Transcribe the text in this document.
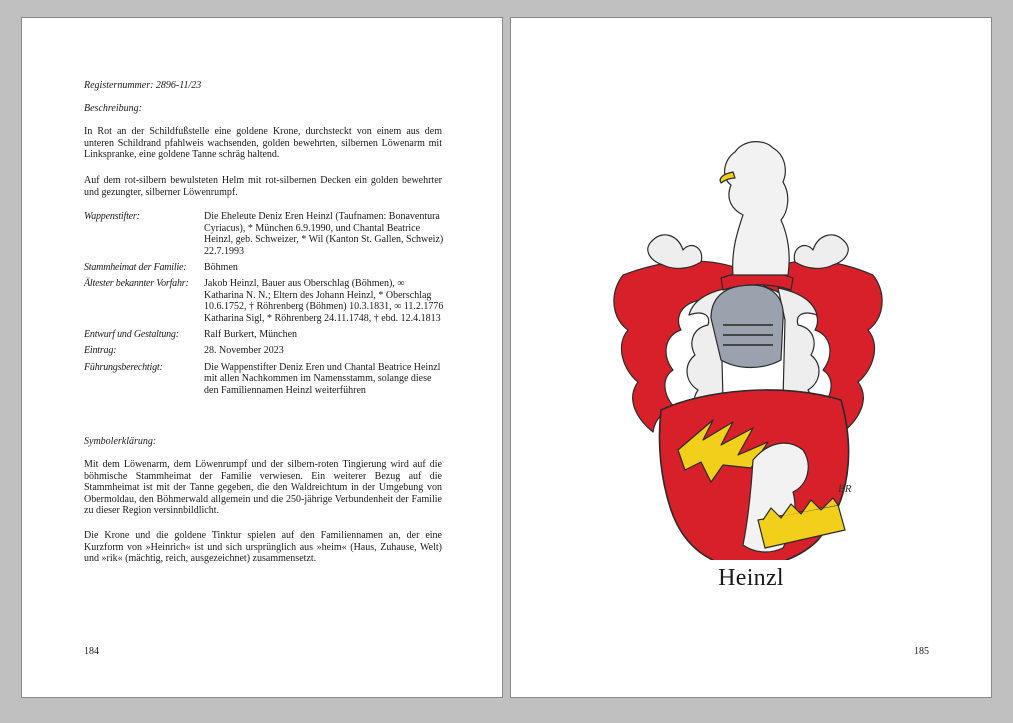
Registernummer: 2896-11/23
Beschreibung:

In Rot an der Schildfußstelle eine goldene Krone, durchsteckt von einem aus dem unteren Schildrand pfahlweis wachsenden, golden bewehrten, silbernen Löwenarm mit Linkspranke, eine goldene Tanne schräg haltend.

Auf dem rot-silbern bewulsteten Helm mit rot-silbernen Decken ein golden bewehrter und gezungter, silberner Löwenrumpf.

Wappenstifter:	Die Eheleute Deniz Eren Heinzl (Taufnamen: Bonaventura Cyriacus), * München 6.9.1990, und Chantal Beatrice Heinzl, geb. Schweizer, * Wil (Kanton St. Gallen, Schweiz) 22.7.1993
Stammheimat der Familie:	Böhmen
Ältester bekannter Vorfahr:	Jakob Heinzl, Bauer aus Oberschlag (Böhmen), ∞ Katharina N. N.; Eltern des Johann Heinzl, * Oberschlag 10.6.1752, † Röhrenberg (Böhmen) 10.3.1831, ∞ 11.2.1776 Katharina Sigl, * Röhrenberg 24.11.1748, † ebd. 12.4.1813
Entwurf und Gestaltung:	Ralf Burkert, München
Eintrag:	28. November 2023
Führungsberechtigt:	Die Wappenstifter Deniz Eren und Chantal Beatrice Heinzl mit allen Nachkommen im Namensstamm, solange diese den Familiennamen Heinzl weiterführen
Symbolerklärung:

Mit dem Löwenarm, dem Löwenrumpf und der silbern-roten Tingierung wird auf die böhmische Stammheimat der Familie verwiesen. Ein weiterer Bezug auf die Stammheimat ist mit der Tanne gegeben, die den Waldreichtum in der Umgebung von Obermoldau, den Böhmerwald allgemein und die 250-jährige Verbundenheit der Familie zu dieser Region versinnbildlicht.

Die Krone und die goldene Tinktur spielen auf den Familiennamen an, der eine Kurzform von »Heinrich« ist und sich ursprünglich aus »heim« (Haus, Zuhause, Welt) und »rik« (mächtig, reich, ausgezeichnet) zusammensetzt.

184
BR
Heinzl
185
